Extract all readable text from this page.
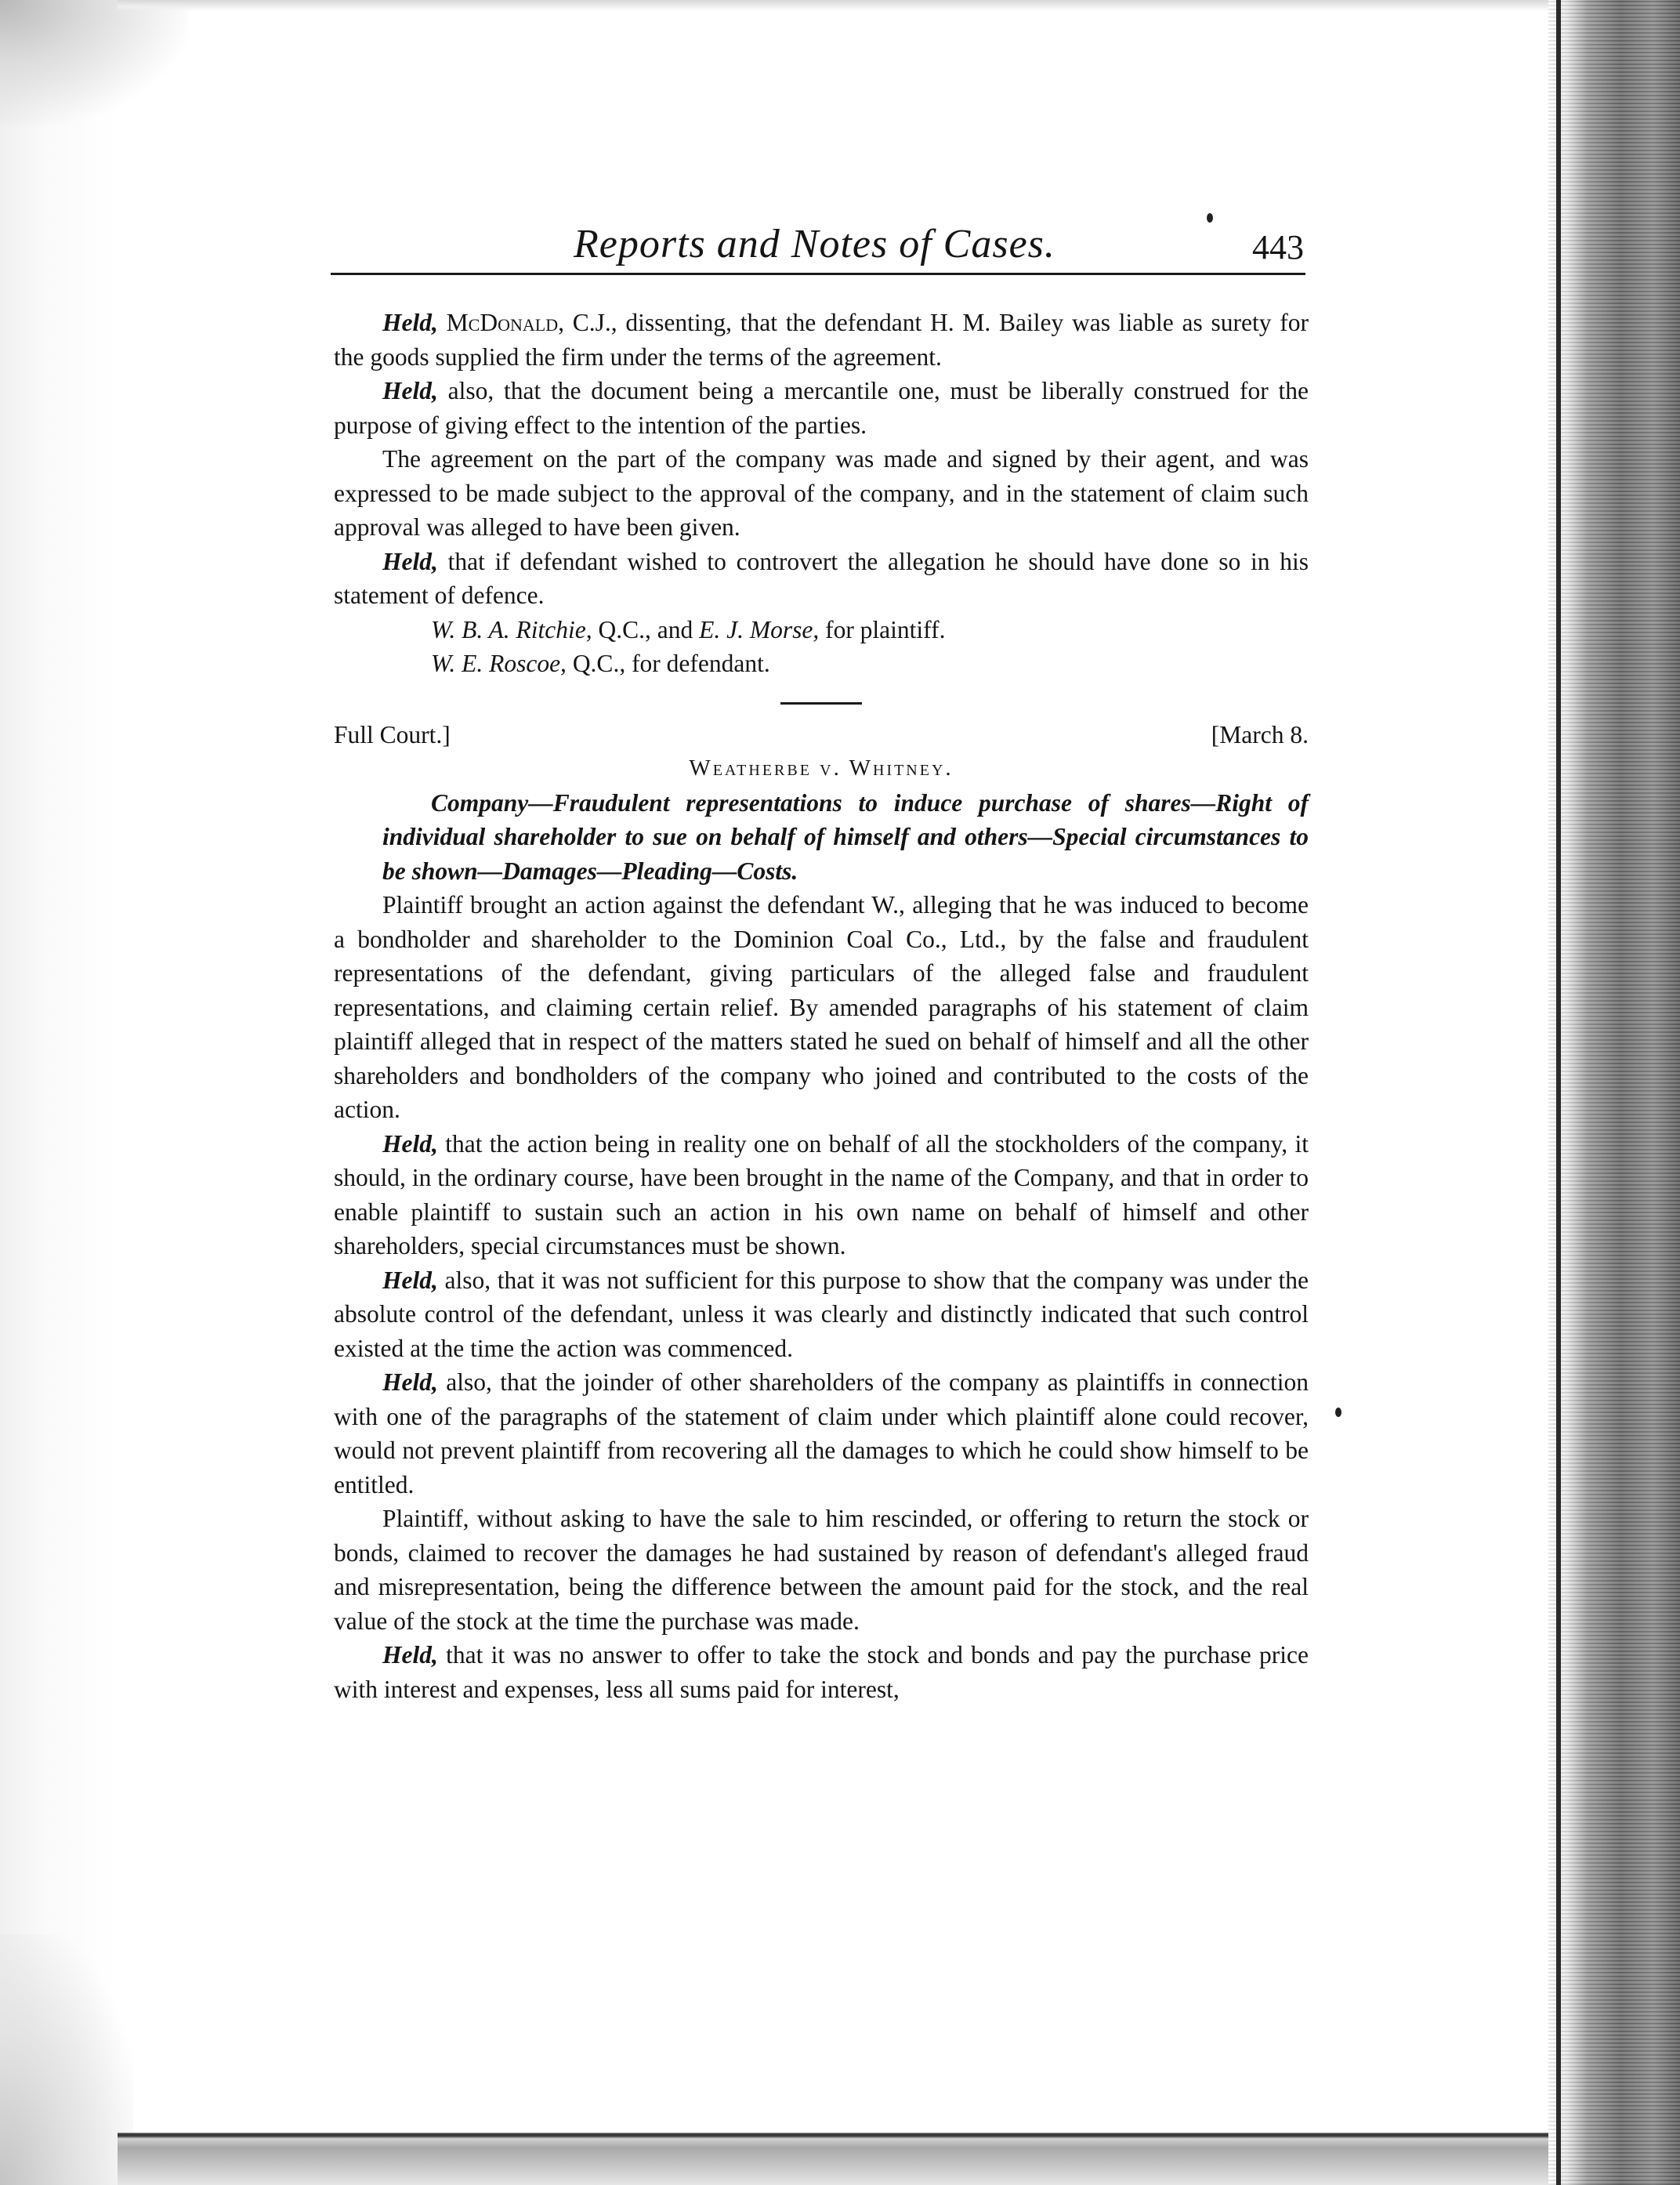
Reports and Notes of Cases.	443

Held, McDonald, C.J., dissenting, that the defendant H. M. Bailey was liable as surety for the goods supplied the firm under the terms of the agreement.

Held, also, that the document being a mercantile one, must be liberally construed for the purpose of giving effect to the intention of the parties.

The agreement on the part of the company was made and signed by their agent, and was expressed to be made subject to the approval of the company, and in the statement of claim such approval was alleged to have been given.

Held, that if defendant wished to controvert the allegation he should have done so in his statement of defence.

W. B. A. Ritchie, Q.C., and E. J. Morse, for plaintiff.

W. E. Roscoe, Q.C., for defendant.

Full Court.]	[March 8.

Weatherbe v. Whitney.

Company—Fraudulent representations to induce purchase of shares—Right of individual shareholder to sue on behalf of himself and others—Special circumstances to be shown—Damages—Pleading—Costs.

Plaintiff brought an action against the defendant W., alleging that he was induced to become a bondholder and shareholder to the Dominion Coal Co., Ltd., by the false and fraudulent representations of the defendant, giving particulars of the alleged false and fraudulent representations, and claiming certain relief. By amended paragraphs of his statement of claim plaintiff alleged that in respect of the matters stated he sued on behalf of himself and all the other shareholders and bondholders of the company who joined and contributed to the costs of the action.

Held, that the action being in reality one on behalf of all the stockholders of the company, it should, in the ordinary course, have been brought in the name of the Company, and that in order to enable plaintiff to sustain such an action in his own name on behalf of himself and other shareholders, special circumstances must be shown.

Held, also, that it was not sufficient for this purpose to show that the company was under the absolute control of the defendant, unless it was clearly and distinctly indicated that such control existed at the time the action was commenced.

Held, also, that the joinder of other shareholders of the company as plaintiffs in connection with one of the paragraphs of the statement of claim under which plaintiff alone could recover, would not prevent plaintiff from recovering all the damages to which he could show himself to be entitled.

Plaintiff, without asking to have the sale to him rescinded, or offering to return the stock or bonds, claimed to recover the damages he had sustained by reason of defendant's alleged fraud and misrepresentation, being the difference between the amount paid for the stock, and the real value of the stock at the time the purchase was made.

Held, that it was no answer to offer to take the stock and bonds and pay the purchase price with interest and expenses, less all sums paid for interest,
